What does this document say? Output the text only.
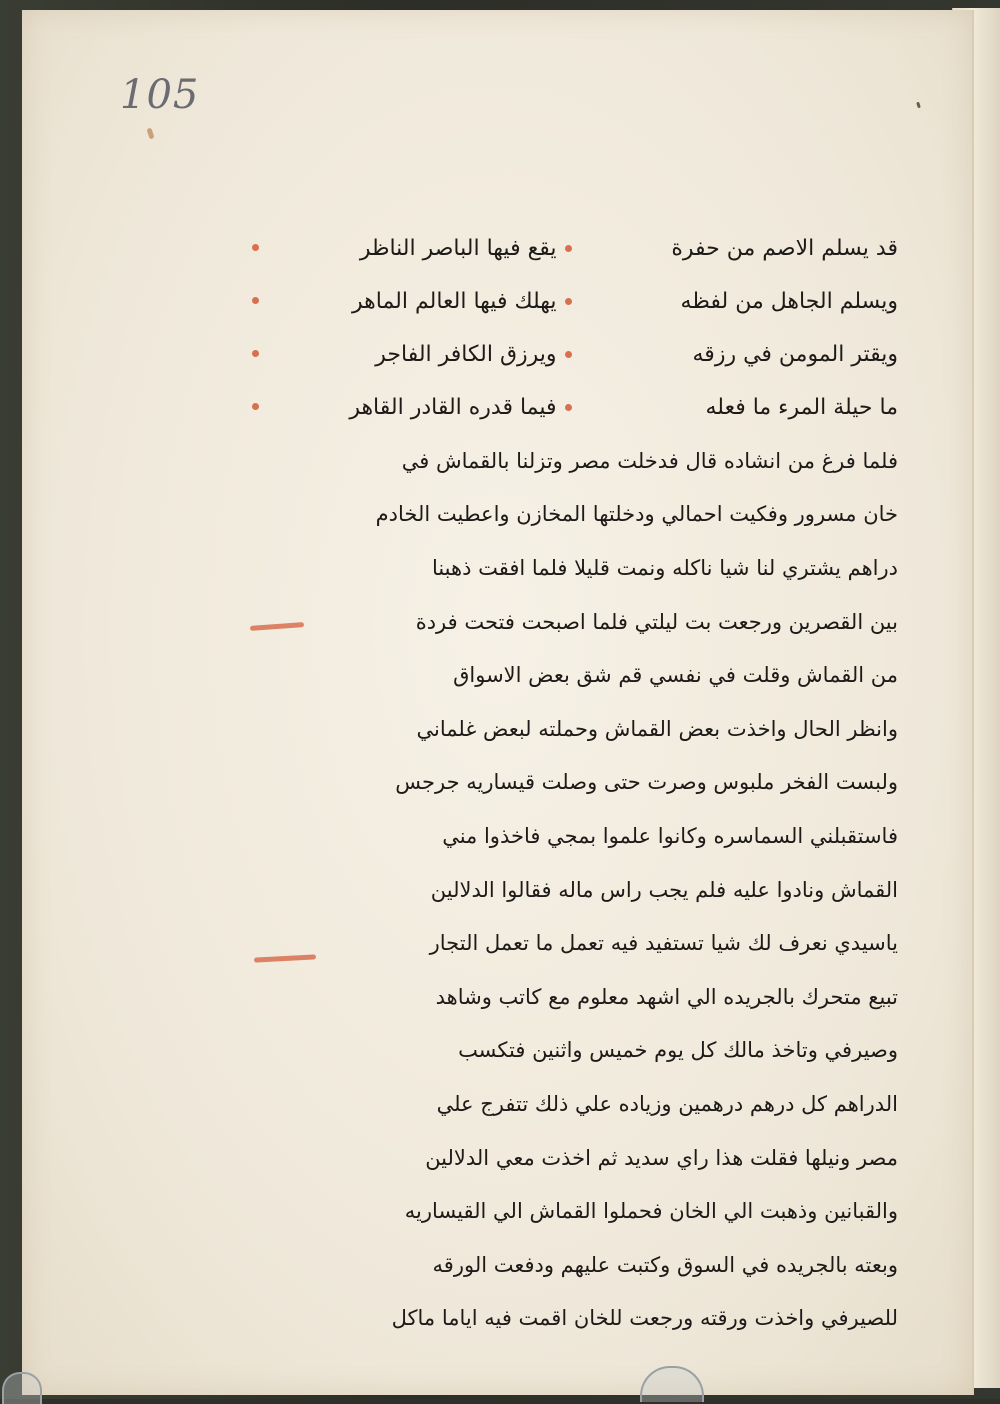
105
قد يسلم الاصم من حفرة
يقع فيها الباصر الناظر
ويسلم الجاهل من لفظه
يهلك فيها العالم الماهر
ويقتر المومن في رزقه
ويرزق الكافر الفاجر
ما حيلة المرء ما فعله
فيما قدره القادر القاهر
فلما فرغ من انشاده قال فدخلت مصر وتزلنا بالقماش في
خان مسرور وفكيت احمالي ودخلتها المخازن واعطيت الخادم
دراهم يشتري لنا شيا ناكله ونمت قليلا فلما افقت ذهبنا
بين القصرين ورجعت بت ليلتي فلما اصبحت فتحت فردة
من القماش وقلت في نفسي قم شق بعض الاسواق
وانظر الحال واخذت بعض القماش وحملته لبعض غلماني
ولبست الفخر ملبوس وصرت حتى وصلت قيساريه جرجس
فاستقبلني السماسره وكانوا علموا بمجي فاخذوا مني
القماش ونادوا عليه فلم يجب راس ماله فقالوا الدلالين
ياسيدي نعرف لك شيا تستفيد فيه تعمل ما تعمل التجار
تبيع متحرك بالجريده الي اشهد معلوم مع كاتب وشاهد
وصيرفي وتاخذ مالك كل يوم خميس واثنين فتكسب
الدراهم كل درهم درهمين وزياده علي ذلك تتفرج علي
مصر ونيلها فقلت هذا راي سديد ثم اخذت معي الدلالين
والقبانين وذهبت الي الخان فحملوا القماش الي القيساريه
وبعته بالجريده في السوق وكتبت عليهم ودفعت الورقه
للصيرفي واخذت ورقته ورجعت للخان اقمت فيه اياما ماكل
